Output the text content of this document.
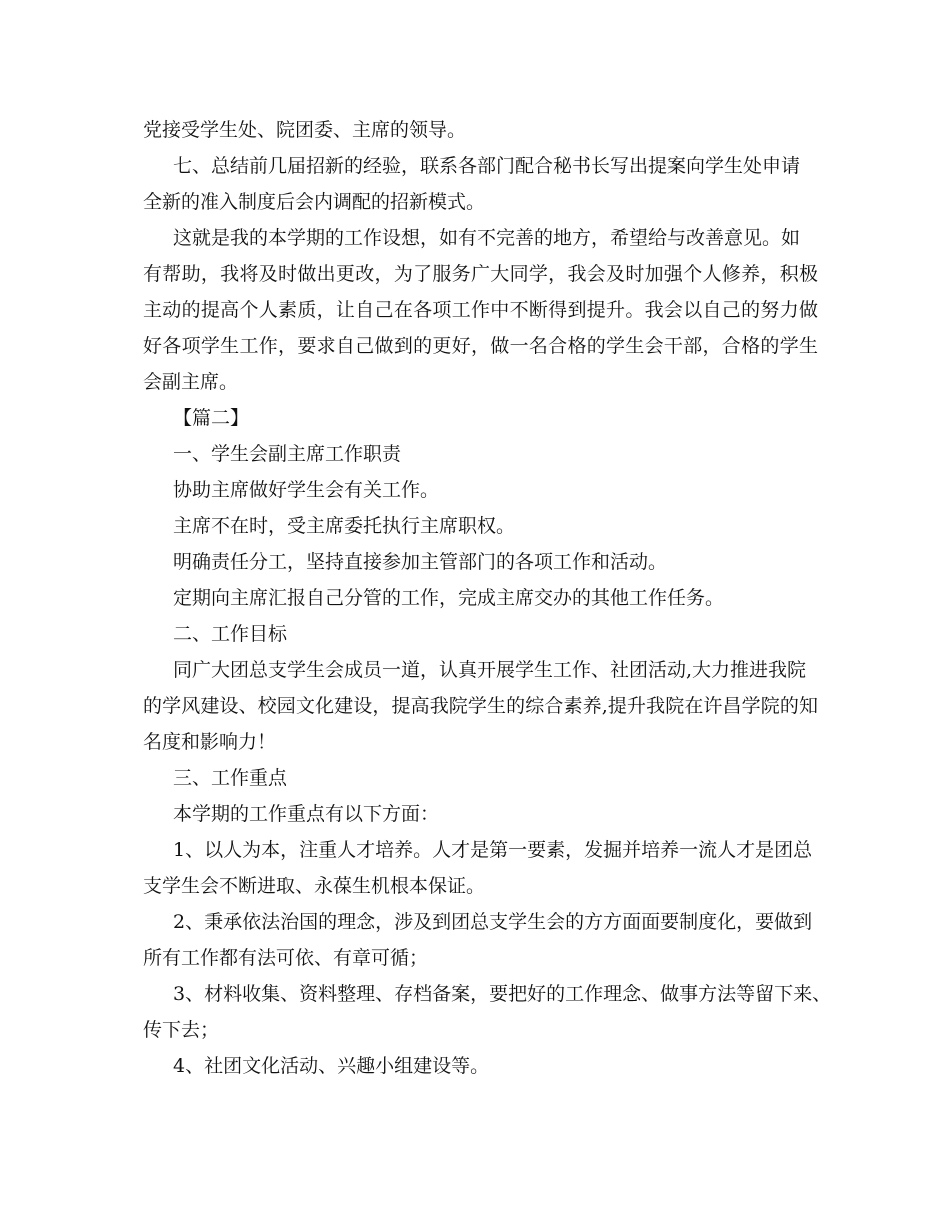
党接受学生处、院团委、主席的领导。
七、总结前几届招新的经验，联系各部门配合秘书长写出提案向学生处申请
全新的准入制度后会内调配的招新模式。
这就是我的本学期的工作设想，如有不完善的地方，希望给与改善意见。如
有帮助，我将及时做出更改，为了服务广大同学，我会及时加强个人修养，积极
主动的提高个人素质，让自己在各项工作中不断得到提升。我会以自己的努力做
好各项学生工作，要求自己做到的更好，做一名合格的学生会干部，合格的学生
会副主席。
【篇二】
一、学生会副主席工作职责
协助主席做好学生会有关工作。
主席不在时，受主席委托执行主席职权。
明确责任分工，坚持直接参加主管部门的各项工作和活动。
定期向主席汇报自己分管的工作，完成主席交办的其他工作任务。
二、工作目标
同广大团总支学生会成员一道，认真开展学生工作、社团活动,大力推进我院
的学风建设、校园文化建设，提高我院学生的综合素养,提升我院在许昌学院的知
名度和影响力！
三、工作重点
本学期的工作重点有以下方面：
1、以人为本，注重人才培养。人才是第一要素，发掘并培养一流人才是团总
支学生会不断进取、永葆生机根本保证。
2、秉承依法治国的理念，涉及到团总支学生会的方方面面要制度化，要做到
所有工作都有法可依、有章可循；
3、材料收集、资料整理、存档备案，要把好的工作理念、做事方法等留下来、
传下去；
4、社团文化活动、兴趣小组建设等。
